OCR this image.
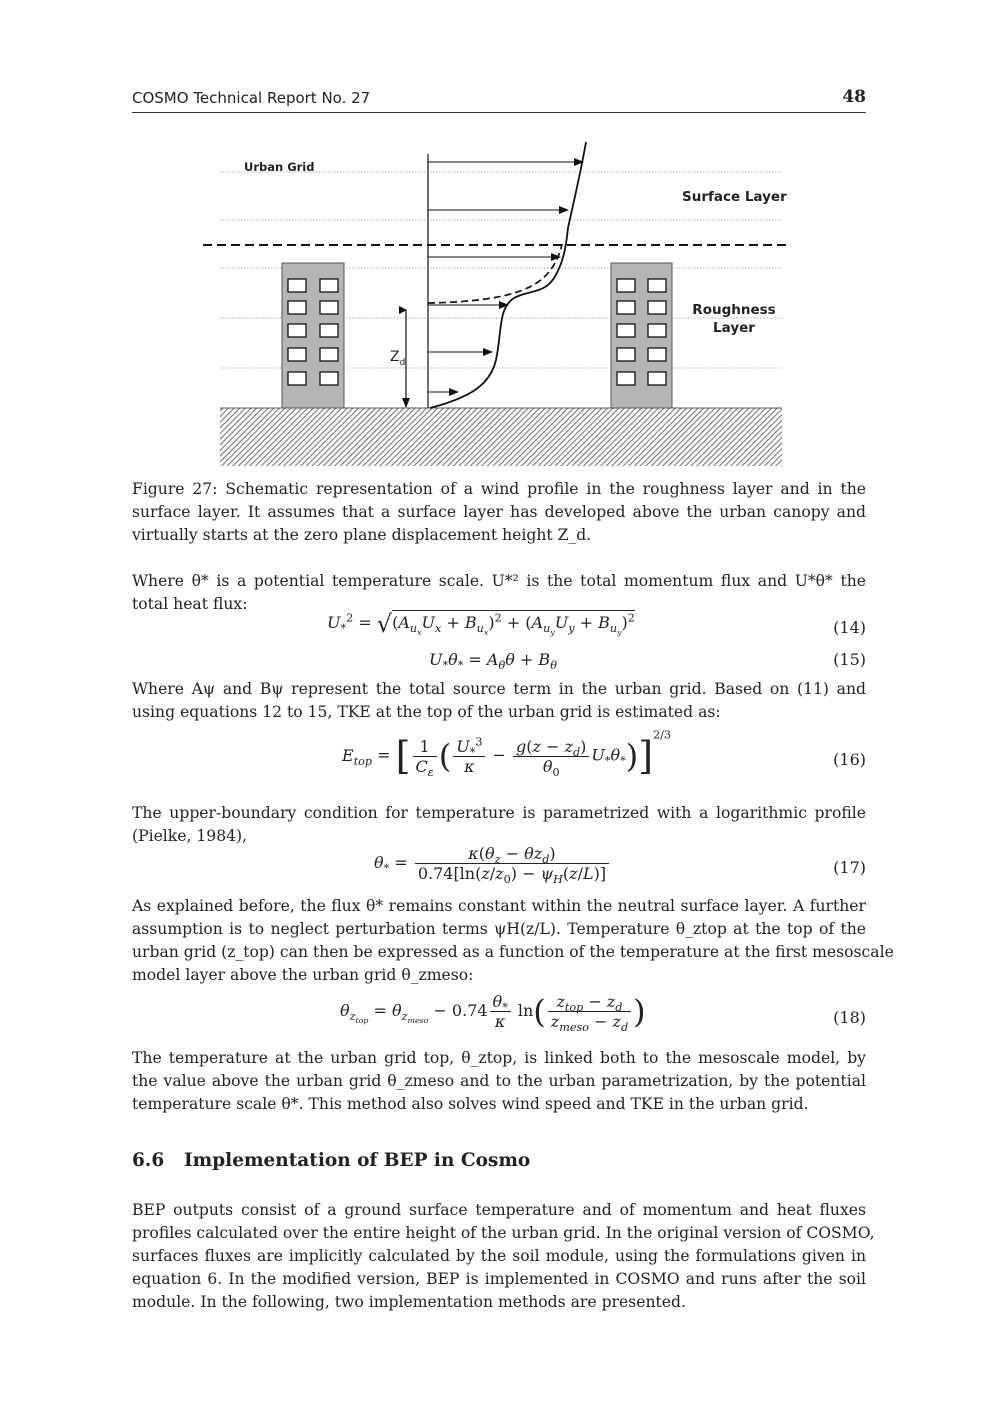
COSMO Technical Report No. 27	48
Urban Grid
Surface Layer
Roughness
Layer
$Z_d$
Figure 27: Schematic representation of a wind profile in the roughness layer and in the
surface layer. It assumes that a surface layer has developed above the urban canopy and
virtually starts at the zero plane displacement height Z_d.
Where θ* is a potential temperature scale. U*² is the total momentum flux and U*θ* the
total heat flux:
$U_*^2 = √(A_{u_x}U_x + B_{u_x})^2 + (A_{u_y}U_y + B_{u_y})^2$	(14)
$U_*\theta_* = A_\theta\theta + B_\theta$	(15)
Where Aψ and Bψ represent the total source term in the urban grid. Based on (11) and
using equations 12 to 15, TKE at the top of the urban grid is estimated as:
$E_{top}$ = [ $\frac{1}{C_\varepsilon}$ ( $\frac{U_*^3}{\kappa} - \frac{g(z - z_d)}{\theta_0} U_*\theta_*)]^{2/3}$
(16)
The upper-boundary condition for temperature is parametrized with a logarithmic profile
(Pielke, 1984),
$\theta_* = \frac{\kappa(\theta_z - \theta z_d)}{0.74[\ln(z/z_0) - \psi_H(z/L)]}$	(17)
As explained before, the flux θ* remains constant within the neutral surface layer. A further
assumption is to neglect perturbation terms ψH(z/L). Temperature θ_ztop at the top of the
urban grid (z_top) can then be expressed as a function of the temperature at the first mesoscale
model layer above the urban grid θ_zmeso:
$\theta_{z_{top}} = \theta_{z_{meso}} - 0.74 \frac{\theta_*}{\kappa} \ln( \frac{z_{top} - z_d}{z_{meso} - z_d}$ )	(18)
The temperature at the urban grid top, θ_ztop, is linked both to the mesoscale model, by
the value above the urban grid θ_zmeso and to the urban parametrization, by the potential
temperature scale θ*. This method also solves wind speed and TKE in the urban grid.
6.6 Implementation of BEP in Cosmo
BEP outputs consist of a ground surface temperature and of momentum and heat fluxes
profiles calculated over the entire height of the urban grid. In the original version of COSMO,
surfaces fluxes are implicitly calculated by the soil module, using the formulations given in
equation 6. In the modified version, BEP is implemented in COSMO and runs after the soil
module. In the following, two implementation methods are presented.
